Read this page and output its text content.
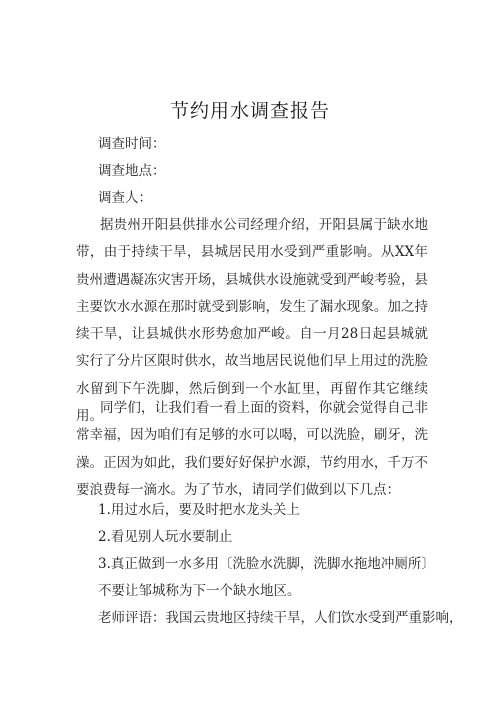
节约用水调查报告
调查时间：
调查地点：
调查人：
据贵州开阳县供排水公司经理介绍，开阳县属于缺水地带，由于持续干旱，县城居民用水受到严重影响。从XX年贵州遭遇凝冻灾害开场，县城供水设施就受到严峻考验，县主要饮水水源在那时就受到影响，发生了漏水现象。加之持续干旱，让县城供水形势愈加严峻。自一月28日起县城就实行了分片区限时供水，故当地居民说他们早上用过的洗脸水留到下午洗脚，然后倒到一个水缸里，再留作其它继续用。
同学们，让我们看一看上面的资料，你就会觉得自己非常幸福，因为咱们有足够的水可以喝，可以洗脸，刷牙，洗澡。正因为如此，我们要好好保护水源，节约用水，千万不要浪费每一滴水。为了节水，请同学们做到以下几点：
1.用过水后，要及时把水龙头关上
2.看见别人玩水要制止
3.真正做到一水多用〔洗脸水洗脚，洗脚水拖地冲厕所〕
不要让邹城称为下一个缺水地区。
老师评语：我国云贵地区持续干旱，人们饮水受到严重影响，
